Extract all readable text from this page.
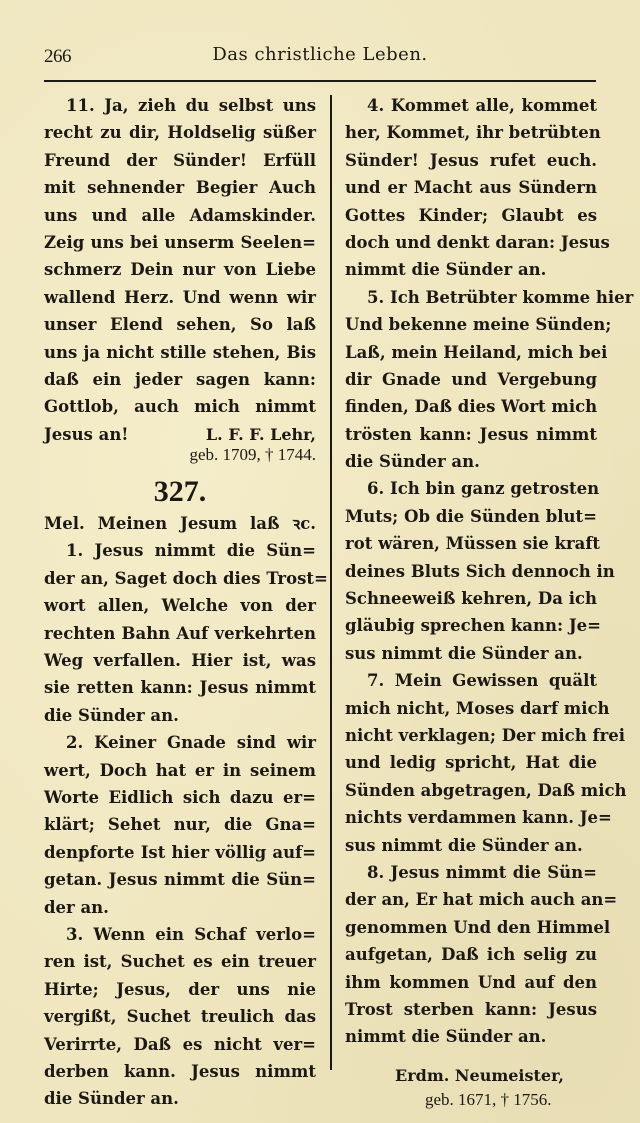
266	Das christliche Leben.
11. Ja, zieh du selbst uns
recht zu dir, Holdselig süßer
Freund der Sünder! Erfüll
mit sehnender Begier Auch
uns und alle Adamskinder.
Zeig uns bei unserm Seelen=
schmerz Dein nur von Liebe
wallend Herz. Und wenn wir
unser Elend sehen, So laß
uns ja nicht stille stehen, Bis
daß ein jeder sagen kann:
Gottlob, auch mich nimmt
Jesus an!	L. F. F. Lehr,
geb. 1709, † 1744.
327.
Mel. Meinen Jesum laß ꝛc.
1. Jesus nimmt die Sün=
der an, Saget doch dies Trost=
wort allen, Welche von der
rechten Bahn Auf verkehrten
Weg verfallen. Hier ist, was
sie retten kann: Jesus nimmt
die Sünder an.
2. Keiner Gnade sind wir
wert, Doch hat er in seinem
Worte Eidlich sich dazu er=
klärt; Sehet nur, die Gna=
denpforte Ist hier völlig auf=
getan. Jesus nimmt die Sün=
der an.
3. Wenn ein Schaf verlo=
ren ist, Suchet es ein treuer
Hirte; Jesus, der uns nie
vergißt, Suchet treulich das
Verirrte, Daß es nicht ver=
derben kann. Jesus nimmt
die Sünder an.
4. Kommet alle, kommet
her, Kommet, ihr betrübten
Sünder! Jesus rufet euch.
und er Macht aus Sündern
Gottes Kinder; Glaubt es
doch und denkt daran: Jesus
nimmt die Sünder an.
5. Ich Betrübter komme hier
Und bekenne meine Sünden;
Laß, mein Heiland, mich bei
dir Gnade und Vergebung
finden, Daß dies Wort mich
trösten kann: Jesus nimmt
die Sünder an.
6. Ich bin ganz getrosten
Muts; Ob die Sünden blut=
rot wären, Müssen sie kraft
deines Bluts Sich dennoch in
Schneeweiß kehren, Da ich
gläubig sprechen kann: Je=
sus nimmt die Sünder an.
7. Mein Gewissen quält
mich nicht, Moses darf mich
nicht verklagen; Der mich frei
und ledig spricht, Hat die
Sünden abgetragen, Daß mich
nichts verdammen kann. Je=
sus nimmt die Sünder an.
8. Jesus nimmt die Sün=
der an, Er hat mich auch an=
genommen Und den Himmel
aufgetan, Daß ich selig zu
ihm kommen Und auf den
Trost sterben kann: Jesus
nimmt die Sünder an.
Erdm. Neumeister,
geb. 1671, † 1756.
